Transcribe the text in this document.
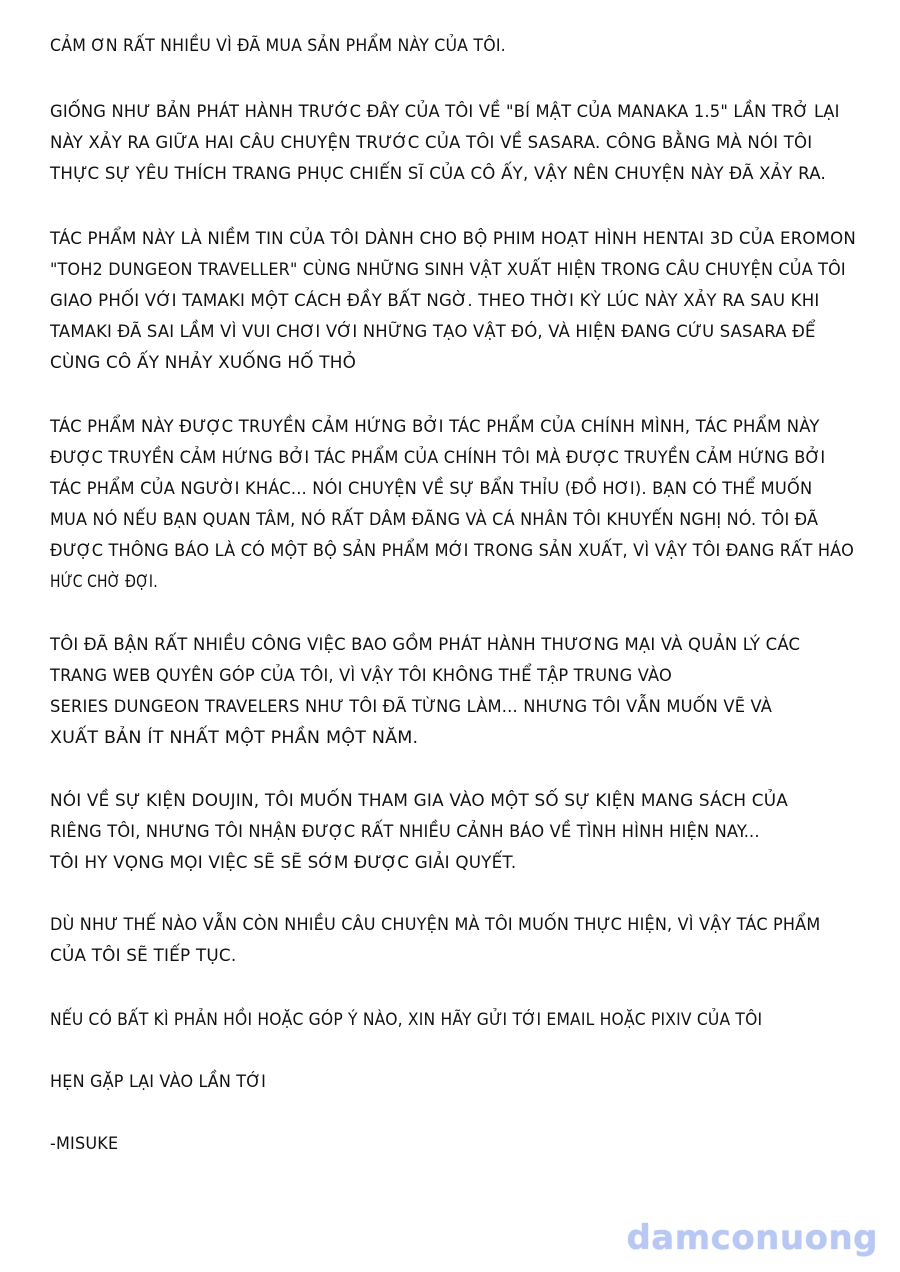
CẢM ƠN RẤT NHIỀU VÌ ĐÃ MUA SẢN PHẨM NÀY CỦA TÔI.
GIỐNG NHƯ BẢN PHÁT HÀNH TRƯỚC ĐÂY CỦA TÔI VỀ "BÍ MẬT CỦA MANAKA 1.5" LẦN TRỞ LẠI
NÀY XẢY RA GIỮA HAI CÂU CHUYỆN TRƯỚC CỦA TÔI VỀ SASARA. CÔNG BẰNG MÀ NÓI TÔI
THỰC SỰ YÊU THÍCH TRANG PHỤC CHIẾN SĨ CỦA CÔ ẤY, VẬY NÊN CHUYỆN NÀY ĐÃ XẢY RA.
TÁC PHẨM NÀY LÀ NIỀM TIN CỦA TÔI DÀNH CHO BỘ PHIM HOẠT HÌNH HENTAI 3D CỦA EROMON
"TOH2 DUNGEON TRAVELLER" CÙNG NHỮNG SINH VẬT XUẤT HIỆN TRONG CÂU CHUYỆN CỦA TÔI
GIAO PHỐI VỚI TAMAKI MỘT CÁCH ĐẦY BẤT NGỜ. THEO THỜI KỲ LÚC NÀY XẢY RA SAU KHI
TAMAKI ĐÃ SAI LẦM VÌ VUI CHƠI VỚI NHỮNG TẠO VẬT ĐÓ, VÀ HIỆN ĐANG CỨU SASARA ĐỂ
CÙNG CÔ ẤY NHẢY XUỐNG HỐ THỎ
TÁC PHẨM NÀY ĐƯỢC TRUYỀN CẢM HỨNG BỞI TÁC PHẨM CỦA CHÍNH MÌNH, TÁC PHẨM NÀY
ĐƯỢC TRUYỀN CẢM HỨNG BỞI TÁC PHẨM CỦA CHÍNH TÔI MÀ ĐƯỢC TRUYỀN CẢM HỨNG BỞI
TÁC PHẨM CỦA NGƯỜI KHÁC... NÓI CHUYỆN VỀ SỰ BẨN THỈU (ĐỒ HƠI). BẠN CÓ THỂ MUỐN
MUA NÓ NẾU BẠN QUAN TÂM, NÓ RẤT DÂM ĐÃNG VÀ CÁ NHÂN TÔI KHUYẾN NGHỊ NÓ. TÔI ĐÃ
ĐƯỢC THÔNG BÁO LÀ CÓ MỘT BỘ SẢN PHẨM MỚI TRONG SẢN XUẤT, VÌ VẬY TÔI ĐANG RẤT HÁO
HỨC CHỜ ĐỢI.
TÔI ĐÃ BẬN RẤT NHIỀU CÔNG VIỆC BAO GỒM PHÁT HÀNH THƯƠNG MẠI VÀ QUẢN LÝ CÁC
TRANG WEB QUYÊN GÓP CỦA TÔI, VÌ VẬY TÔI KHÔNG THỂ TẬP TRUNG VÀO
SERIES DUNGEON TRAVELERS NHƯ TÔI ĐÃ TỪNG LÀM... NHƯNG TÔI VẪN MUỐN VẼ VÀ
XUẤT BẢN ÍT NHẤT MỘT PHẦN MỘT NĂM.
NÓI VỀ SỰ KIỆN DOUJIN, TÔI MUỐN THAM GIA VÀO MỘT SỐ SỰ KIỆN MANG SÁCH CỦA
RIÊNG TÔI, NHƯNG TÔI NHẬN ĐƯỢC RẤT NHIỀU CẢNH BÁO VỀ TÌNH HÌNH HIỆN NAY...
TÔI HY VỌNG MỌI VIỆC SẼ SẼ SỚM ĐƯỢC GIẢI QUYẾT.
DÙ NHƯ THẾ NÀO VẪN CÒN NHIỀU CÂU CHUYỆN MÀ TÔI MUỐN THỰC HIỆN, VÌ VẬY TÁC PHẨM
CỦA TÔI SẼ TIẾP TỤC.
NẾU CÓ BẤT KÌ PHẢN HỒI HOẶC GÓP Ý NÀO, XIN HÃY GỬI TỚI EMAIL HOẶC PIXIV CỦA TÔI
HẸN GẶP LẠI VÀO LẦN TỚI
-MISUKE
damconuong
